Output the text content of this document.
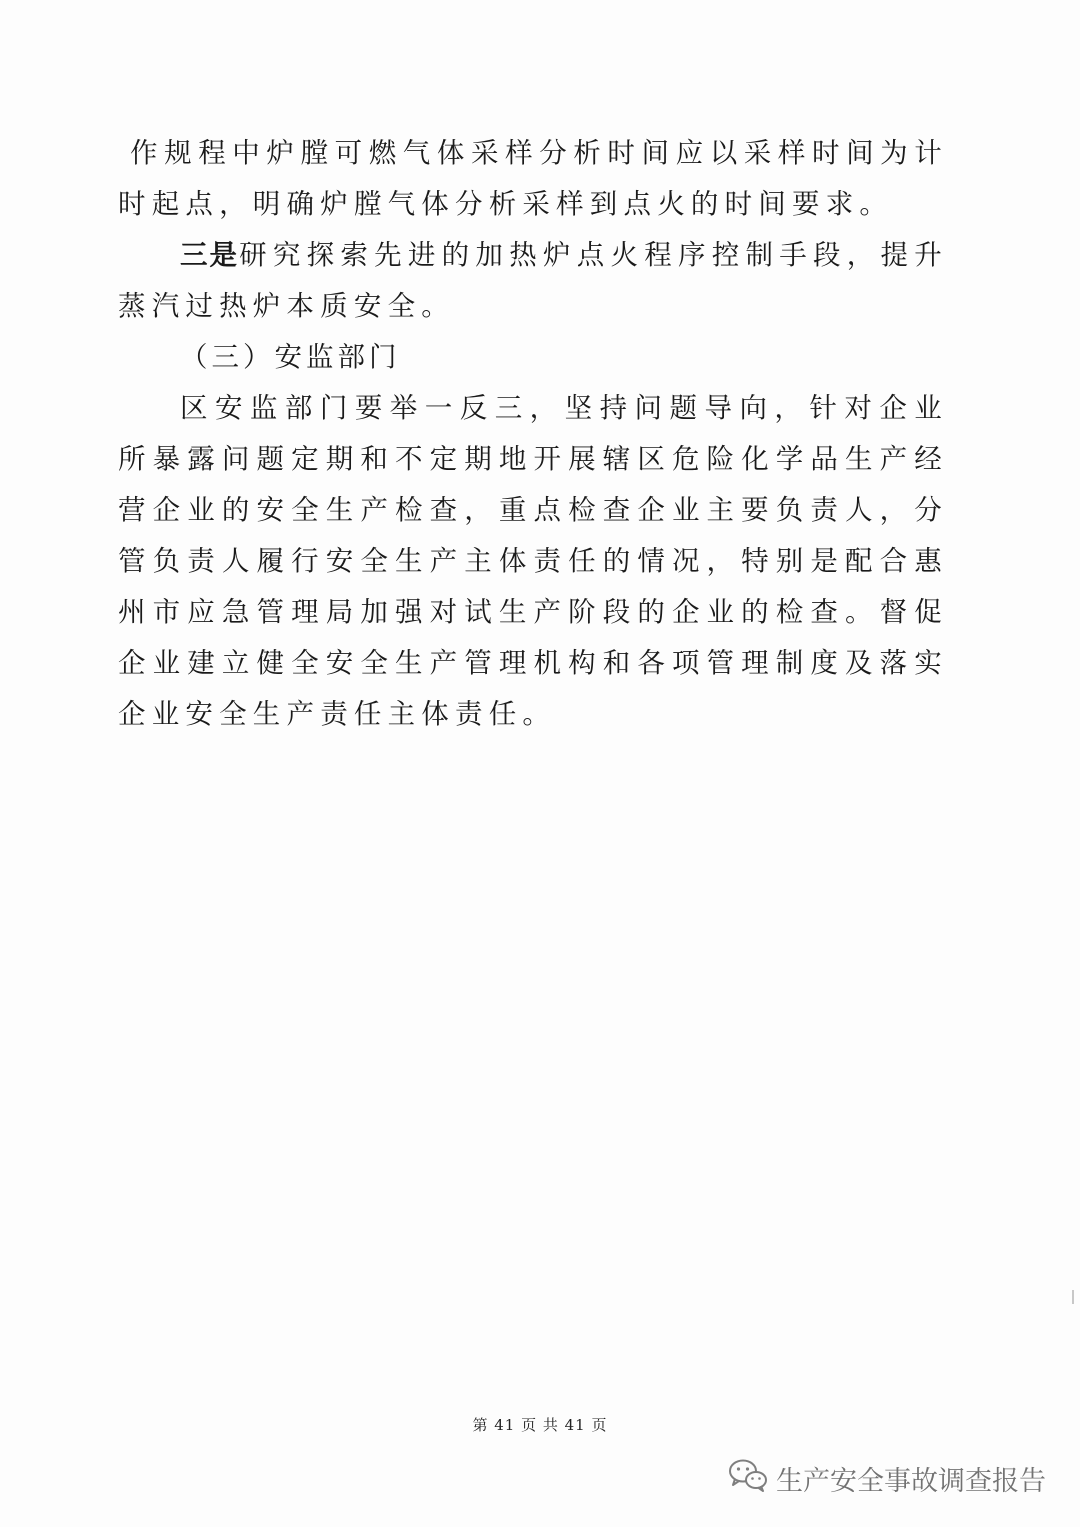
作规程中炉膛可燃气体采样分析时间应以采样时间为计时起点，明确炉膛气体分析采样到点火的时间要求。

三是研究探索先进的加热炉点火程序控制手段，提升蒸汽过热炉本质安全。

（三）安监部门

区安监部门要举一反三，坚持问题导向，针对企业所暴露问题定期和不定期地开展辖区危险化学品生产经营企业的安全生产检查，重点检查企业主要负责人，分管负责人履行安全生产主体责任的情况，特别是配合惠州市应急管理局加强对试生产阶段的企业的检查。督促企业建立健全安全生产管理机构和各项管理制度及落实企业安全生产责任主体责任。

第 41 页 共 41 页
生产安全事故调查报告
